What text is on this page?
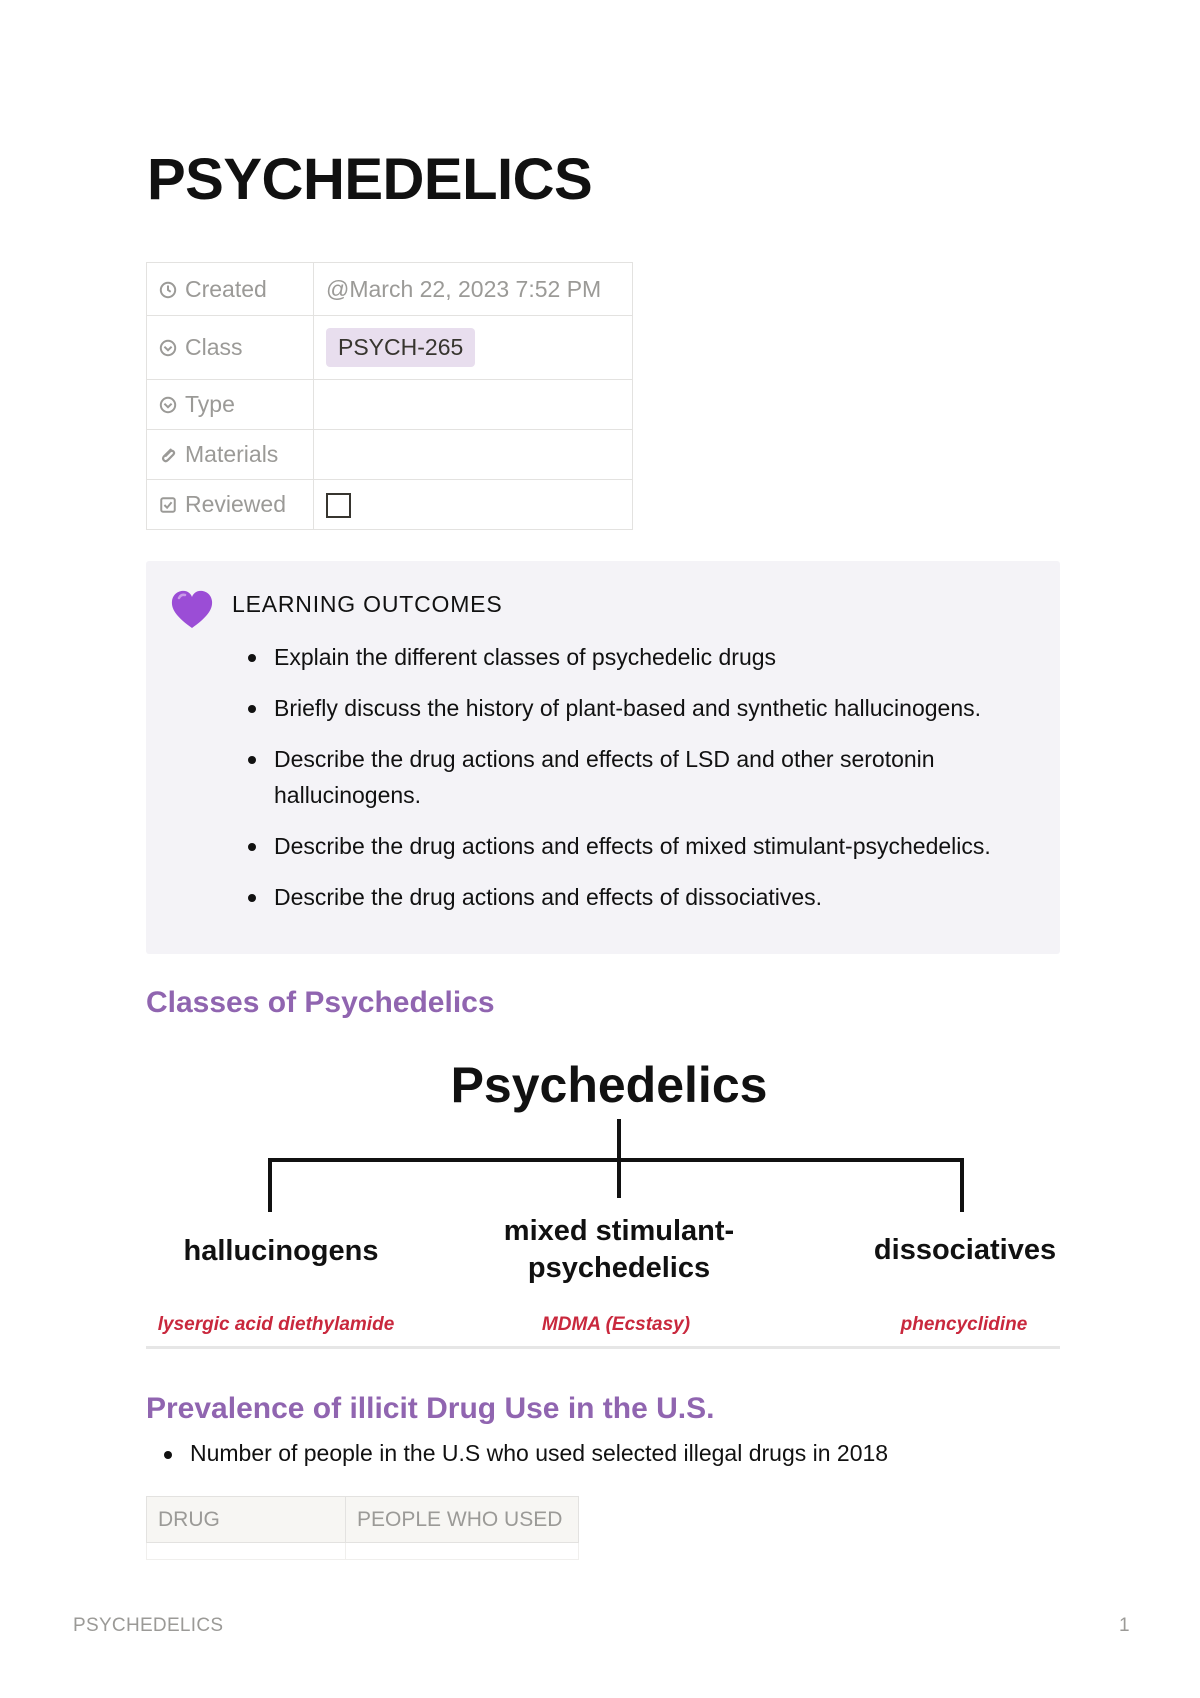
PSYCHEDELICS
Created	@March 22, 2023 7:52 PM
Class	PSYCH-265
Type	
Materials	
Reviewed	
LEARNING OUTCOMES
Explain the different classes of psychedelic drugs
Briefly discuss the history of plant-based and synthetic hallucinogens.
Describe the drug actions and effects of LSD and other serotonin hallucinogens.
Describe the drug actions and effects of mixed stimulant-psychedelics.
Describe the drug actions and effects of dissociatives.
Classes of Psychedelics
Psychedelics
hallucinogens
mixed stimulant-
psychedelics
dissociatives
lysergic acid diethylamide	MDMA (Ecstasy)	phencyclidine
Prevalence of illicit Drug Use in the U.S.
Number of people in the U.S who used selected illegal drugs in 2018
DRUG	PEOPLE WHO USED

PSYCHEDELICS	1
